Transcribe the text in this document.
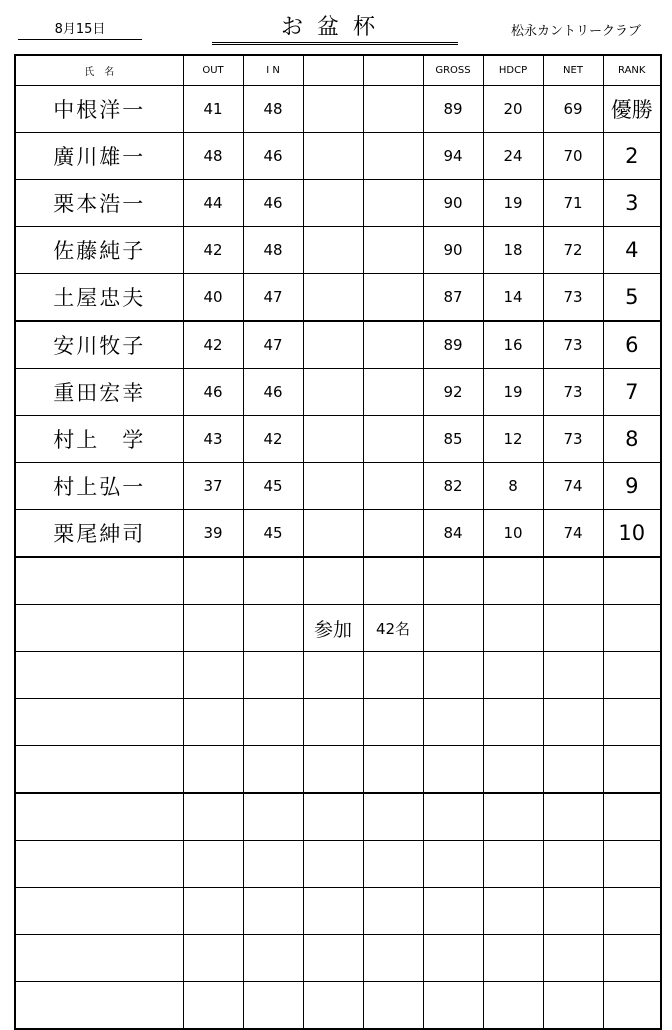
8月15日	お盆杯	松永カントリークラブ
氏　名	OUT	I N			GROSS	HDCP	NET	RANK
中根洋一	41	48			89	20	69	優勝
廣川雄一	48	46			94	24	70	2
栗本浩一	44	46			90	19	71	3
佐藤純子	42	48			90	18	72	4
土屋忠夫	40	47			87	14	73	5
安川牧子	42	47			89	16	73	6
重田宏幸	46	46			92	19	73	7
村上　学	43	42			85	12	73	8
村上弘一	37	45			82	8	74	9
栗尾紳司	39	45			84	10	74	10

			参加	42名				
